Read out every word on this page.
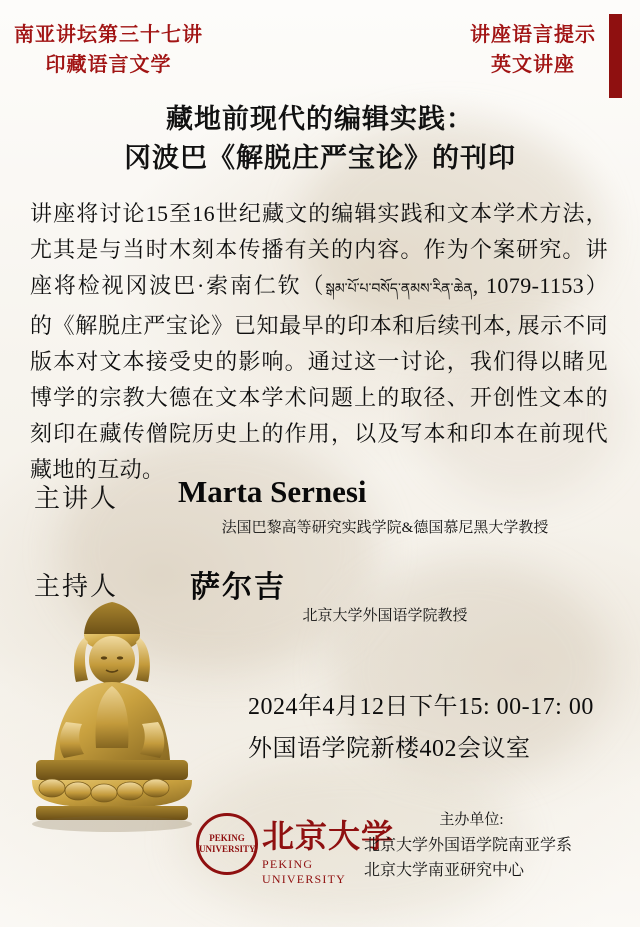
南亚讲坛第三十七讲
印藏语言文学
讲座语言提示
英文讲座
藏地前现代的编辑实践：
冈波巴《解脱庄严宝论》的刊印
讲座将讨论15至16世纪藏文的编辑实践和文本学术方法，尤其是与当时木刻本传播有关的内容。作为个案研究。讲座将检视冈波巴·索南仁钦（སྒམ་པོ་པ་བསོད་ནམས་རིན་ཆེན, 1079-1153）的《解脱庄严宝论》已知最早的印本和后续刊本, 展示不同版本对文本接受史的影响。通过这一讨论，我们得以睹见博学的宗教大德在文本学术问题上的取径、开创性文本的刻印在藏传僧院历史上的作用，以及写本和印本在前现代藏地的互动。
主讲人 Marta Sernesi
法国巴黎高等研究实践学院&德国慕尼黑大学教授
主持人 萨尔吉
北京大学外国语学院教授
2024年4月12日下午15: 00-17: 00
外国语学院新楼402会议室
PEKING UNIVERSITY 北京大学
PEKING UNIVERSITY
主办单位:
北京大学外国语学院南亚学系
北京大学南亚研究中心
